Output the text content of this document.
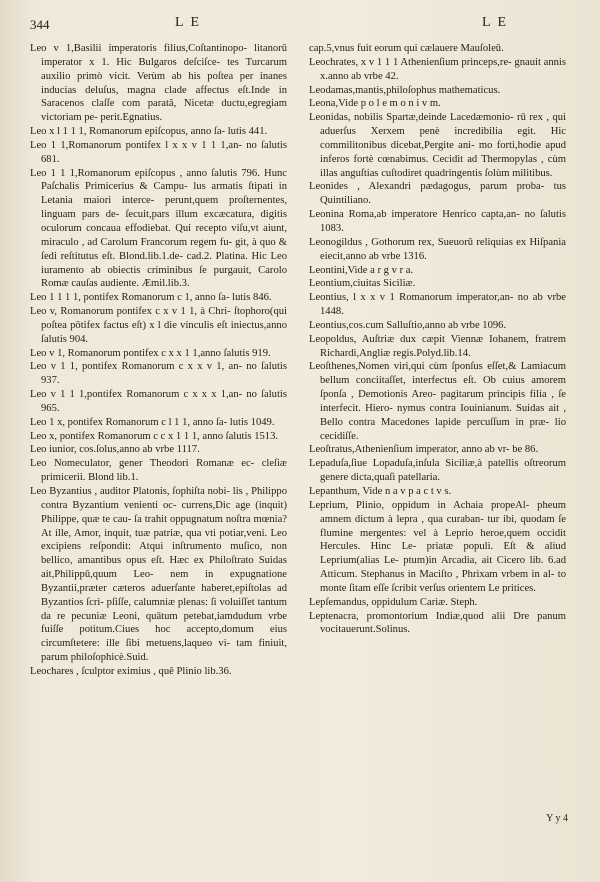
344	L E	L E

Leo v 1,Basilii imperatoris filius,Coſtantinopo- litanorū imperator x 1. Hic Bulgaros deſciſce- tes Turcarum auxilio primò vicit. Verùm ab his poſtea per inanes inducias deluſus, magna clade affectus eſt.Inde in Saracenos claſſe com paratā, Nicetæ ductu,egregiam victoriam pe- perit.Egnatius.

Leo x l 1 1 1, Romanorum epiſcopus, anno ſa- lutis 441.

Leo 1 1,Romanorum pontifex l x x v 1 1 1,an- no ſalutis 681.

Leo 1 1 1,Romanorum epiſcopus , anno ſalutis 796. Hunc Paſchalis Primicerius & Campu- lus armatis ſtipati in Letania maiori interce- perunt,quem proſternentes, linguam pars de- ſecuit,pars illum excæcatura, digitis oculorum concaua effodiebat. Qui recepto viſu,vt aiunt, miraculo , ad Carolum Francorum regem fu- git, à quo & ſedi reſtitutus eſt. Blond.lib.1.de- cad.2. Platina. Hic Leo iuramento ab obiectis criminibus ſe purgauit, Carolo Romæ cauſas audiente. Æmil.lib.3.

Leo 1 1 1 1, pontifex Romanorum c 1, anno ſa- lutis 846.

Leo v, Romanorum pontifex c x v 1 1, à Chri- ſtophoro(qui poſtea pōtifex factus eſt) x l die vinculis eſt iniectus,anno ſalutis 904.

Leo v 1, Romanorum pontifex c x x 1 1,anno ſalutis 919.

Leo v 1 1, pontifex Romanorum c x x v 1, an- no ſalutis 937.

Leo v 1 1 1,pontifex Romanorum c x x x 1,an- no ſalutis 965.

Leo 1 x, pontifex Romanorum c l 1 1, anno ſa- lutis 1049.

Leo x, pontifex Romanorum c c x 1 1 1, anno ſalutis 1513.

Leo iunior, cos.ſolus,anno ab vrbe 1117.

Leo Nomeculator, gener Theodori Romanæ ec- cleſiæ primicerii. Blond lib.1.

Leo Byzantius , auditor Platonis, ſophiſta nobi- lis , Philippo contra Byzantium venienti oc- currens,Dic age (inquit) Philippe, quæ te cau- ſa trahit oppugnatum noſtra mœnia? At ille, Amor, inquit, tuæ patriæ, qua vti potiar,veni. Leo excipiens reſpondit: Atqui inſtrumento muſico, non bellico, amantibus opus eſt. Hæc ex Philoſtrato Suidas ait,Philippū,quum Leo- nem in expugnatione Byzantii,præter cæteros aduerſante haberet,epiſtolas ad Byzantios ſcri- pſiſſe, calumniæ plenas: ſi voluiſſet tantum da re pecuniæ Leoni, quātum petebat,iamdudum vrbe fuiſſe potitum.Ciues hoc accepto,domum eius circumſtetere: ille ſibi metuens,laqueo vi- tam finiuit, parum philoſophicè.Suid.

Leochares , ſculptor eximius , quē Plinio lib.36.

cap.5,vnus fuit eorum qui cælauere Mauſoleū.

Leochrates, x v 1 1 1 Athenienſium princeps,re- gnauit annis x.anno ab vrbe 42.

Leodamas,mantis,philoſophus mathematicus.

Leona,Vide p o l e m o n i v m.

Leonidas, nobilis Spartæ,deinde Lacedæmonio- rū rex , qui aduerſus Xerxem penè incredibilia egit. Hic commilitonibus dicebat,Pergite ani- mo forti,hodie apud inferos fortè cœnabimus. Cecidit ad Thermopylas , cùm illas anguſtias cuſtodiret quadringentis ſolùm militibus.

Leonides , Alexandri pædagogus, parum proba- tus Quintiliano.

Leonina Roma,ab imperatore Henrico capta,an- no ſalutis 1083.

Leonogildus , Gothorum rex, Sueuorū reliquias ex Hiſpania eiecit,anno ab vrbe 1316.

Leontini,Vide a r g v r a.

Leontium,ciuitas Siciliæ.

Leontius, l x x v 1 Romanorum imperator,an- no ab vrbe 1448.

Leontius,cos.cum Salluſtio,anno ab vrbe 1096.

Leopoldus, Auſtriæ dux cæpit Viennæ Iohanem, fratrem Richardi,Angliæ regis.Polyd.lib.14.

Leoſthenes,Nomen viri,qui cùm ſponſus eſſet,& Lamiacum bellum conciitaſſet, interfectus eſt. Ob cuius amorem ſponſa , Demotionis Areo- pagitarum principis filia , ſe interfecit. Hiero- nymus contra Iouinianum. Suidas ait , Bello contra Macedones lapide percuſſum in præ- lio cecidiſſe.

Leoſtratus,Athenienſium imperator, anno ab vr- be 86.

Lepaduſa,ſiue Lopaduſa,inſula Siciliæ,à patellis oſtreorum genere dicta,quaſi patellaria.

Lepanthum, Vide n a v p a c t v s.

Leprium, Plinio, oppidum in Achaia propeAl- pheum amnem dictum à lepra , qua curaban- tur ibi, quodam ſe flumine mergentes: vel à Leprio heroe,quem occidit Hercules. Hinc Le- priatæ populi. Eſt & aliud Leprium(alias Le- ptum)in Arcadia, ait Cicero lib. 6.ad Atticum. Stephanus in Maciſto , Phrixam vrbem in al- to monte ſitam eſſe ſcribit verſus orientem Le pritices.

Lepſemandus, oppidulum Cariæ. Steph.

Leptenacra, promontorium Indiæ,quod alii Dre panum vocitauerunt.Solinus.

Y y 4
